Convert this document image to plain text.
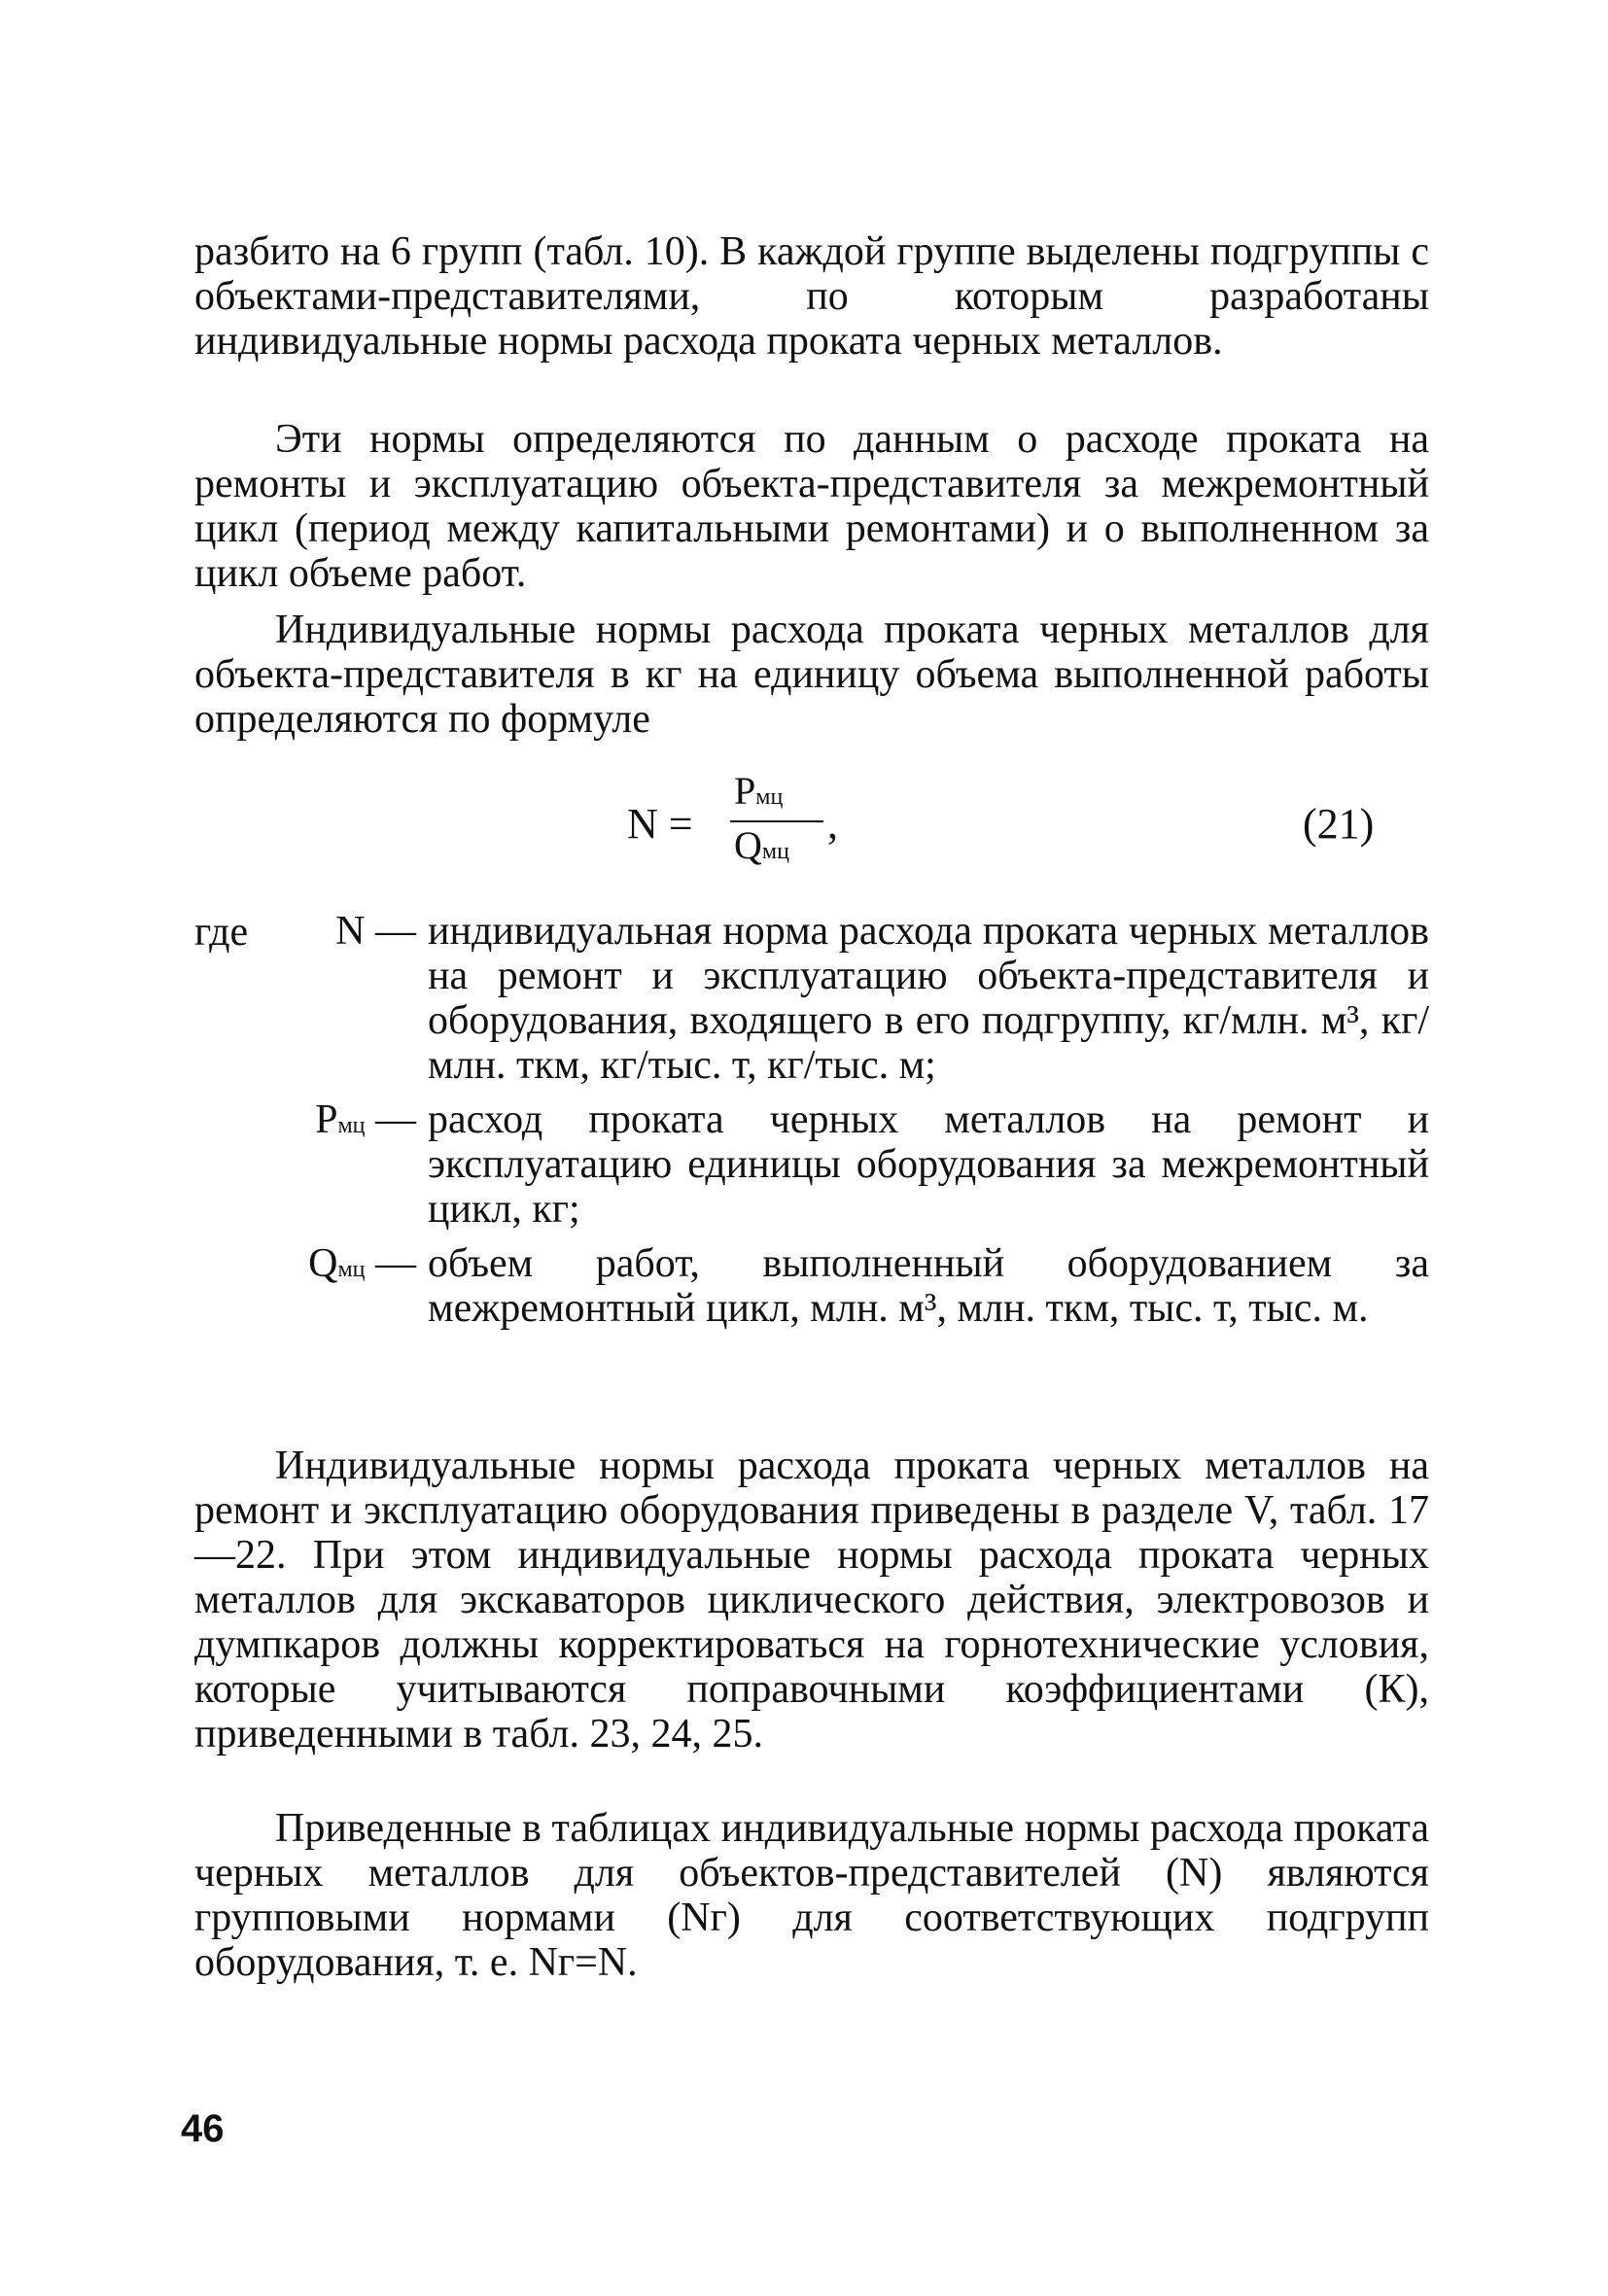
разбито на 6 групп (табл. 10). В каждой группе выделены подгруппы с объектами-представителями, по которым разработаны индивидуальные нормы расхода проката черных металлов.
Эти нормы определяются по данным о расходе проката на ремонты и эксплуатацию объекта-представителя за межремонтный цикл (период между капитальными ремонтами) и о выполненном за цикл объеме работ.
Индивидуальные нормы расхода проката черных металлов для объекта-представителя в кг на единицу объема выполненной работы определяются по формуле
N =
Pмц
Qмц
,	(21)
где	N — индивидуальная норма расхода проката черных металлов на ремонт и эксплуатацию объекта-представителя и оборудования, входящего в его подгруппу, кг/млн. м³, кг/млн. ткм, кг/тыс. т, кг/тыс. м;
Pмц — расход проката черных металлов на ремонт и эксплуатацию единицы оборудования за межремонтный цикл, кг;
Qмц — объем работ, выполненный оборудованием за межремонтный цикл, млн. м³, млн. ткм, тыс. т, тыс. м.
Индивидуальные нормы расхода проката черных металлов на ремонт и эксплуатацию оборудования приведены в разделе V, табл. 17—22. При этом индивидуальные нормы расхода проката черных металлов для экскаваторов циклического действия, электровозов и думпкаров должны корректироваться на горнотехнические условия, которые учитываются поправочными коэффициентами (К), приведенными в табл. 23, 24, 25.
Приведенные в таблицах индивидуальные нормы расхода проката черных металлов для объектов-представителей (N) являются групповыми нормами (Nᴦ) для соответствующих подгрупп оборудования, т. е. Nᴦ=N.
46
